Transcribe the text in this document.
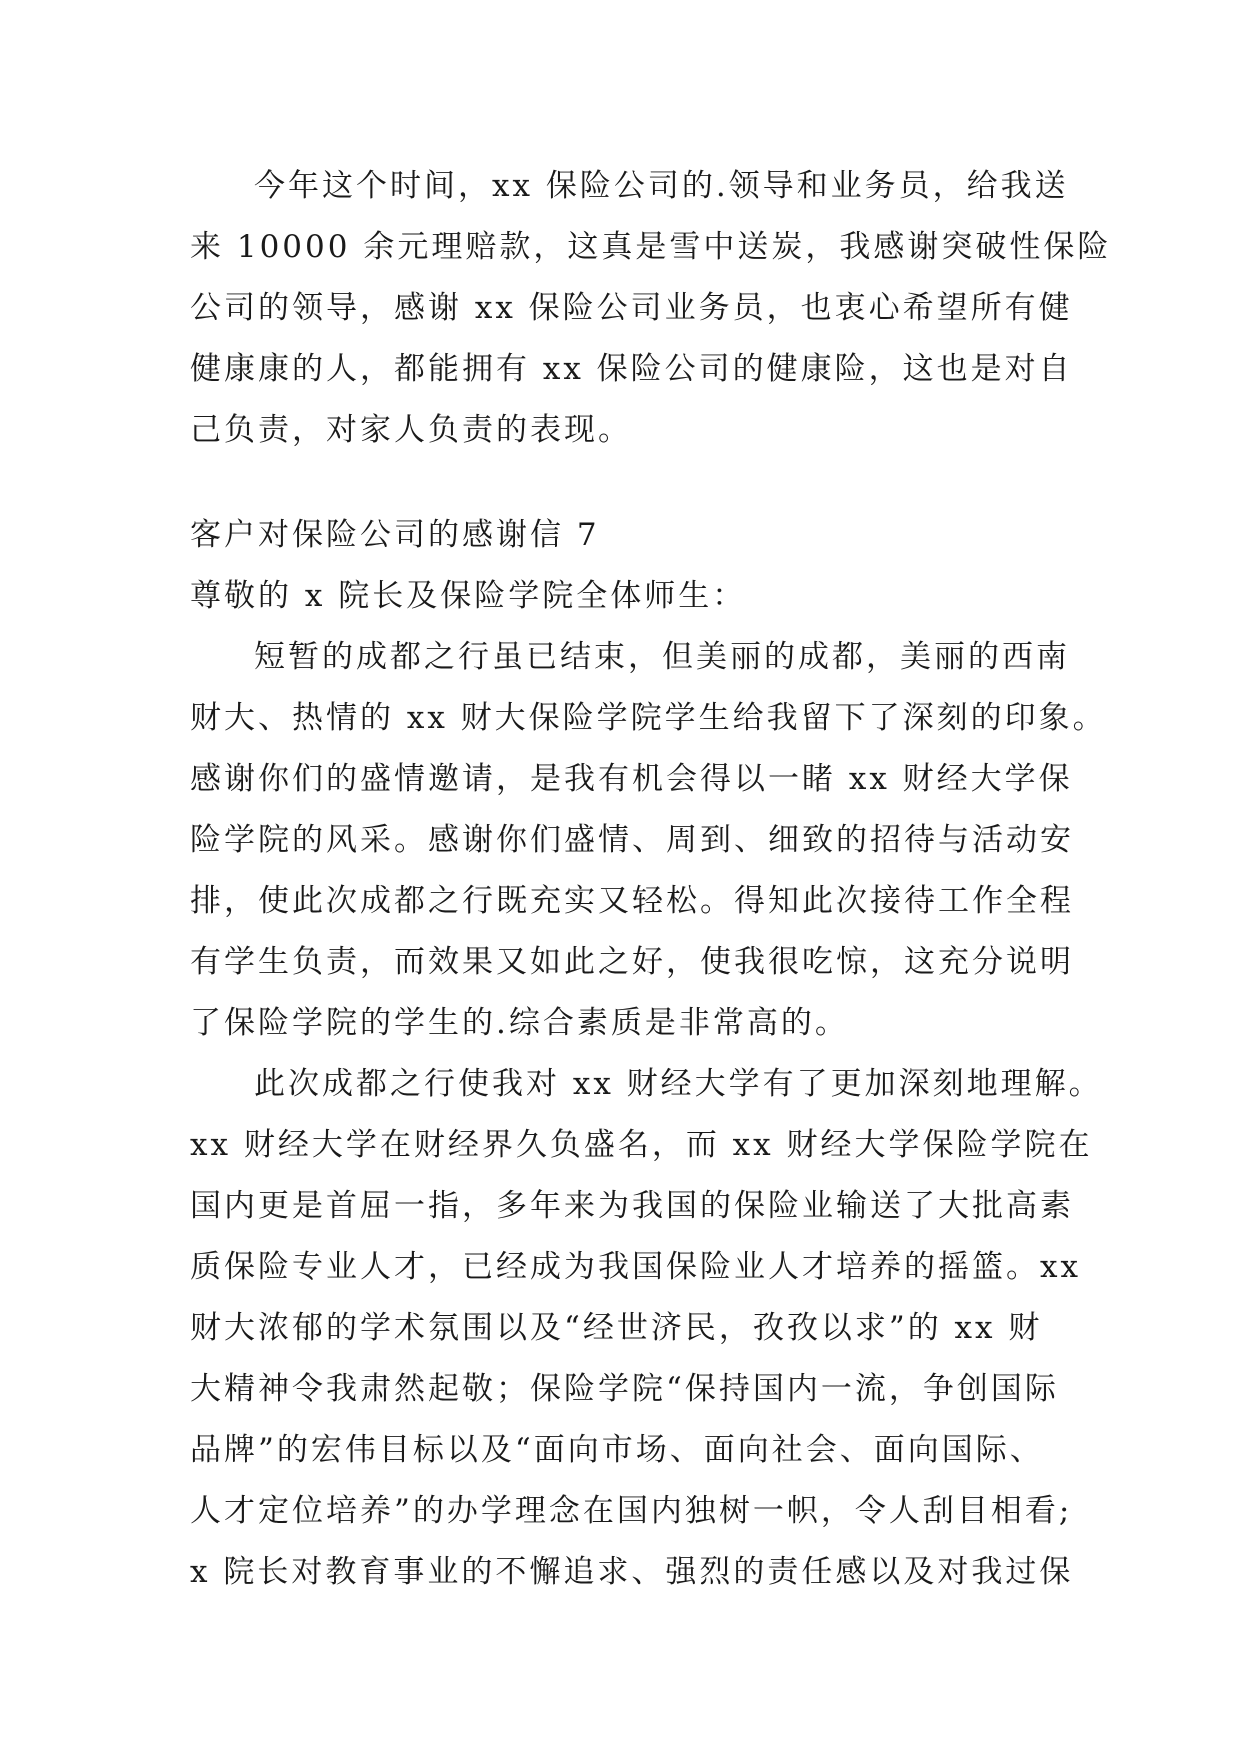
今年这个时间，xx 保险公司的.领导和业务员，给我送
来 10000 余元理赔款，这真是雪中送炭，我感谢突破性保险
公司的领导，感谢 xx 保险公司业务员，也衷心希望所有健
健康康的人，都能拥有 xx 保险公司的健康险，这也是对自
己负责，对家人负责的表现。
客户对保险公司的感谢信 7
尊敬的 x 院长及保险学院全体师生：
短暂的成都之行虽已结束，但美丽的成都，美丽的西南
财大、热情的 xx 财大保险学院学生给我留下了深刻的印象。
感谢你们的盛情邀请，是我有机会得以一睹 xx 财经大学保
险学院的风采。感谢你们盛情、周到、细致的招待与活动安
排，使此次成都之行既充实又轻松。得知此次接待工作全程
有学生负责，而效果又如此之好，使我很吃惊，这充分说明
了保险学院的学生的.综合素质是非常高的。
此次成都之行使我对 xx 财经大学有了更加深刻地理解。
xx 财经大学在财经界久负盛名，而 xx 财经大学保险学院在
国内更是首屈一指，多年来为我国的保险业输送了大批高素
质保险专业人才，已经成为我国保险业人才培养的摇篮。xx
财大浓郁的学术氛围以及“经世济民，孜孜以求”的 xx 财
大精神令我肃然起敬；保险学院“保持国内一流，争创国际
品牌”的宏伟目标以及“面向市场、面向社会、面向国际、
人才定位培养”的办学理念在国内独树一帜，令人刮目相看;
x 院长对教育事业的不懈追求、强烈的责任感以及对我过保
